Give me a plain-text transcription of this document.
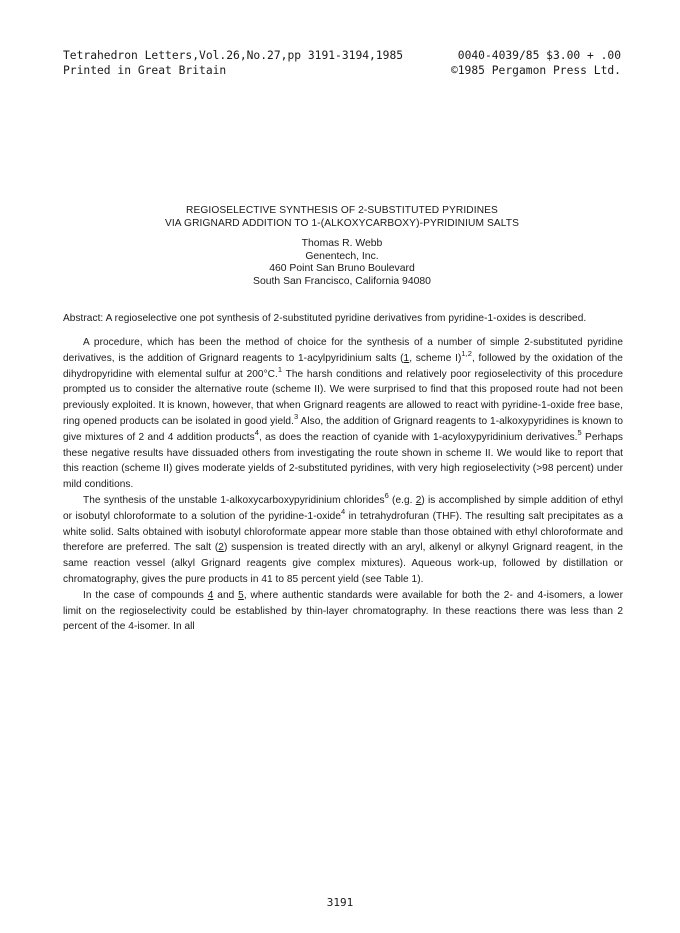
Tetrahedron Letters,Vol.26,No.27,pp 3191-3194,1985	0040-4039/85 $3.00 + .00
Printed in Great Britain	©1985 Pergamon Press Ltd.
REGIOSELECTIVE SYNTHESIS OF 2-SUBSTITUTED PYRIDINES
VIA GRIGNARD ADDITION TO 1-(ALKOXYCARBOXY)-PYRIDINIUM SALTS
Thomas R. Webb
Genentech, Inc.
460 Point San Bruno Boulevard
South San Francisco, California 94080

Abstract: A regioselective one pot synthesis of 2-substituted pyridine derivatives from pyridine-1-oxides is described.

A procedure, which has been the method of choice for the synthesis of a number of simple 2-substituted pyridine derivatives, is the addition of Grignard reagents to 1-acylpyridinium salts (1, scheme I)$^{1,2}$, followed by the oxidation of the dihydropyridine with elemental sulfur at 200°C.$^1$ The harsh conditions and relatively poor regioselectivity of this procedure prompted us to consider the alternative route (scheme II). We were surprised to find that this proposed route had not been previously exploited. It is known, however, that when Grignard reagents are allowed to react with pyridine-1-oxide free base, ring opened products can be isolated in good yield.$^3$ Also, the addition of Grignard reagents to 1-alkoxypyridines is known to give mixtures of 2 and 4 addition products$^4$, as does the reaction of cyanide with 1-acyloxypyridinium derivatives.$^5$ Perhaps these negative results have dissuaded others from investigating the route shown in scheme II. We would like to report that this reaction (scheme II) gives moderate yields of 2-substituted pyridines, with very high regioselectivity (>98 percent) under mild conditions.

The synthesis of the unstable 1-alkoxycarboxypyridinium chlorides$^6$ (e.g. 2) is accomplished by simple addition of ethyl or isobutyl chloroformate to a solution of the pyridine-1-oxide$^4$ in tetrahydrofuran (THF). The resulting salt precipitates as a white solid. Salts obtained with isobutyl chloroformate appear more stable than those obtained with ethyl chloroformate and therefore are preferred. The salt (2) suspension is treated directly with an aryl, alkenyl or alkynyl Grignard reagent, in the same reaction vessel (alkyl Grignard reagents give complex mixtures). Aqueous work-up, followed by distillation or chromatography, gives the pure products in 41 to 85 percent yield (see Table 1).

In the case of compounds 4 and 5, where authentic standards were available for both the 2- and 4-isomers, a lower limit on the regioselectivity could be established by thin-layer chromatography. In these reactions there was less than 2 percent of the 4-isomer. In all

3191
